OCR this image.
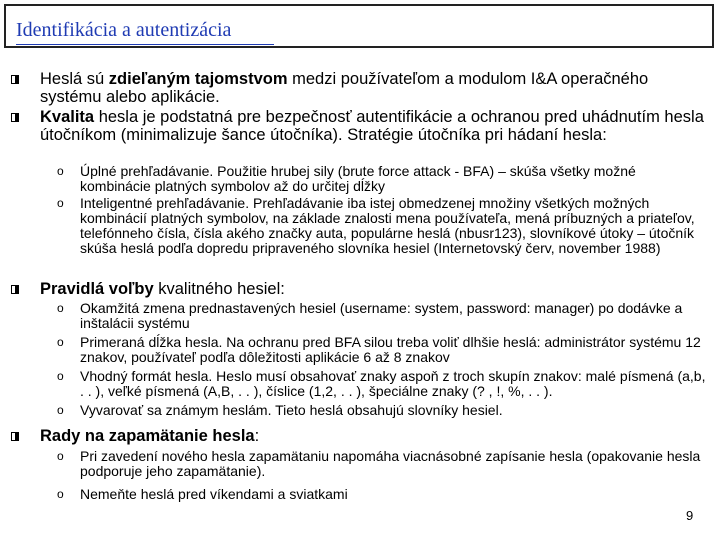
Identifikácia a autentizácia
Heslá sú zdieľaným tajomstvom medzi používateľom a modulom I&A operačného systému alebo aplikácie.
Kvalita hesla je podstatná pre bezpečnosť autentifikácie a ochranou pred uhádnutím hesla útočníkom (minimalizuje šance útočníka). Stratégie útočníka pri hádaní hesla:
o Úplné prehľadávanie. Použitie hrubej sily (brute force attack - BFA) – skúša všetky možné kombinácie platných symbolov až do určitej dĺžky
o Inteligentné prehľadávanie. Prehľadávanie iba istej obmedzenej množiny všetkých možných kombinácií platných symbolov, na základe znalosti mena používateľa, mená príbuzných a priateľov, telefónneho čísla, čísla akého značky auta, populárne heslá (nbusr123), slovníkové útoky – útočník skúša heslá podľa dopredu pripraveného slovníka hesiel (Internetovský červ, november 1988)
Pravidlá voľby kvalitného hesiel:
o Okamžitá zmena prednastavených hesiel (username: system, password: manager) po dodávke a inštalácii systému
o Primeraná dĺžka hesla. Na ochranu pred BFA silou treba voliť dlhšie heslá: administrátor systému 12 znakov, používateľ podľa dôležitosti aplikácie 6 až 8 znakov
o Vhodný formát hesla. Heslo musí obsahovať znaky aspoň z troch skupín znakov: malé písmená (a,b, . . ), veľké písmená (A,B, . . ), číslice (1,2, . . ), špeciálne znaky (? , !, %, . . ).
o Vyvarovať sa známym heslám. Tieto heslá obsahujú slovníky hesiel.
Rady na zapamätanie hesla:
o Pri zavedení nového hesla zapamätaniu napomáha viacnásobné zapísanie hesla (opakovanie hesla podporuje jeho zapamätanie).
o Nemeňte heslá pred víkendami a sviatkami
9
